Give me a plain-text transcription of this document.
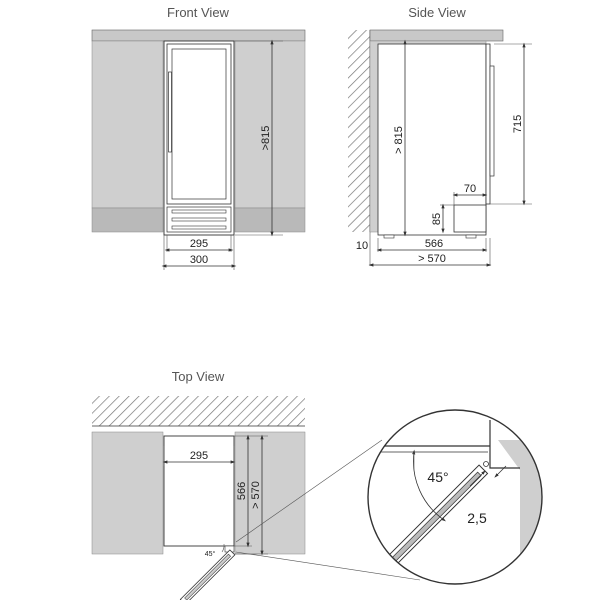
Front View
>815
295
300
Side View
> 815
715
70
85
566
10
> 570
Top View
45°
295
566 > 570
45°
2,5
